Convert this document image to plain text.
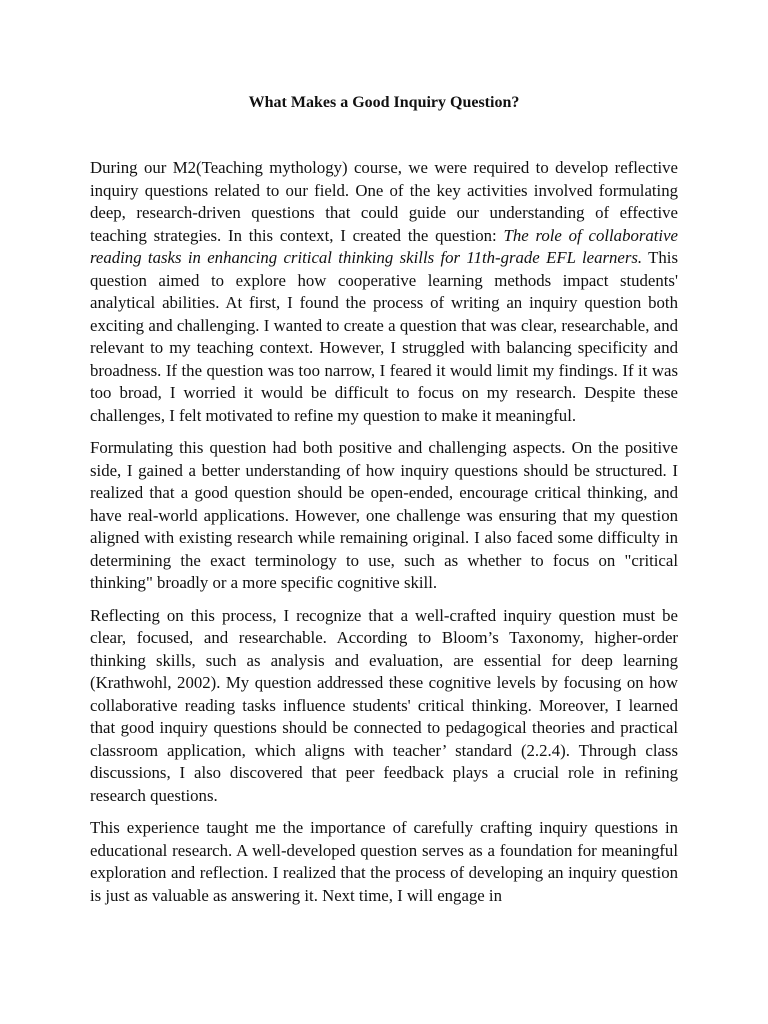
What Makes a Good Inquiry Question?

During our M2(Teaching mythology) course, we were required to develop reflective inquiry questions related to our field. One of the key activities involved formulating deep, research-driven questions that could guide our understanding of effective teaching strategies. In this context, I created the question: The role of collaborative reading tasks in enhancing critical thinking skills for 11th-grade EFL learners. This question aimed to explore how cooperative learning methods impact students' analytical abilities. At first, I found the process of writing an inquiry question both exciting and challenging. I wanted to create a question that was clear, researchable, and relevant to my teaching context. However, I struggled with balancing specificity and broadness. If the question was too narrow, I feared it would limit my findings. If it was too broad, I worried it would be difficult to focus on my research. Despite these challenges, I felt motivated to refine my question to make it meaningful.

Formulating this question had both positive and challenging aspects. On the positive side, I gained a better understanding of how inquiry questions should be structured. I realized that a good question should be open-ended, encourage critical thinking, and have real-world applications. However, one challenge was ensuring that my question aligned with existing research while remaining original. I also faced some difficulty in determining the exact terminology to use, such as whether to focus on "critical thinking" broadly or a more specific cognitive skill.

Reflecting on this process, I recognize that a well-crafted inquiry question must be clear, focused, and researchable. According to Bloom’s Taxonomy, higher-order thinking skills, such as analysis and evaluation, are essential for deep learning (Krathwohl, 2002). My question addressed these cognitive levels by focusing on how collaborative reading tasks influence students' critical thinking. Moreover, I learned that good inquiry questions should be connected to pedagogical theories and practical classroom application, which aligns with teacher’ standard (2.2.4). Through class discussions, I also discovered that peer feedback plays a crucial role in refining research questions.

This experience taught me the importance of carefully crafting inquiry questions in educational research. A well-developed question serves as a foundation for meaningful exploration and reflection. I realized that the process of developing an inquiry question is just as valuable as answering it. Next time, I will engage in
